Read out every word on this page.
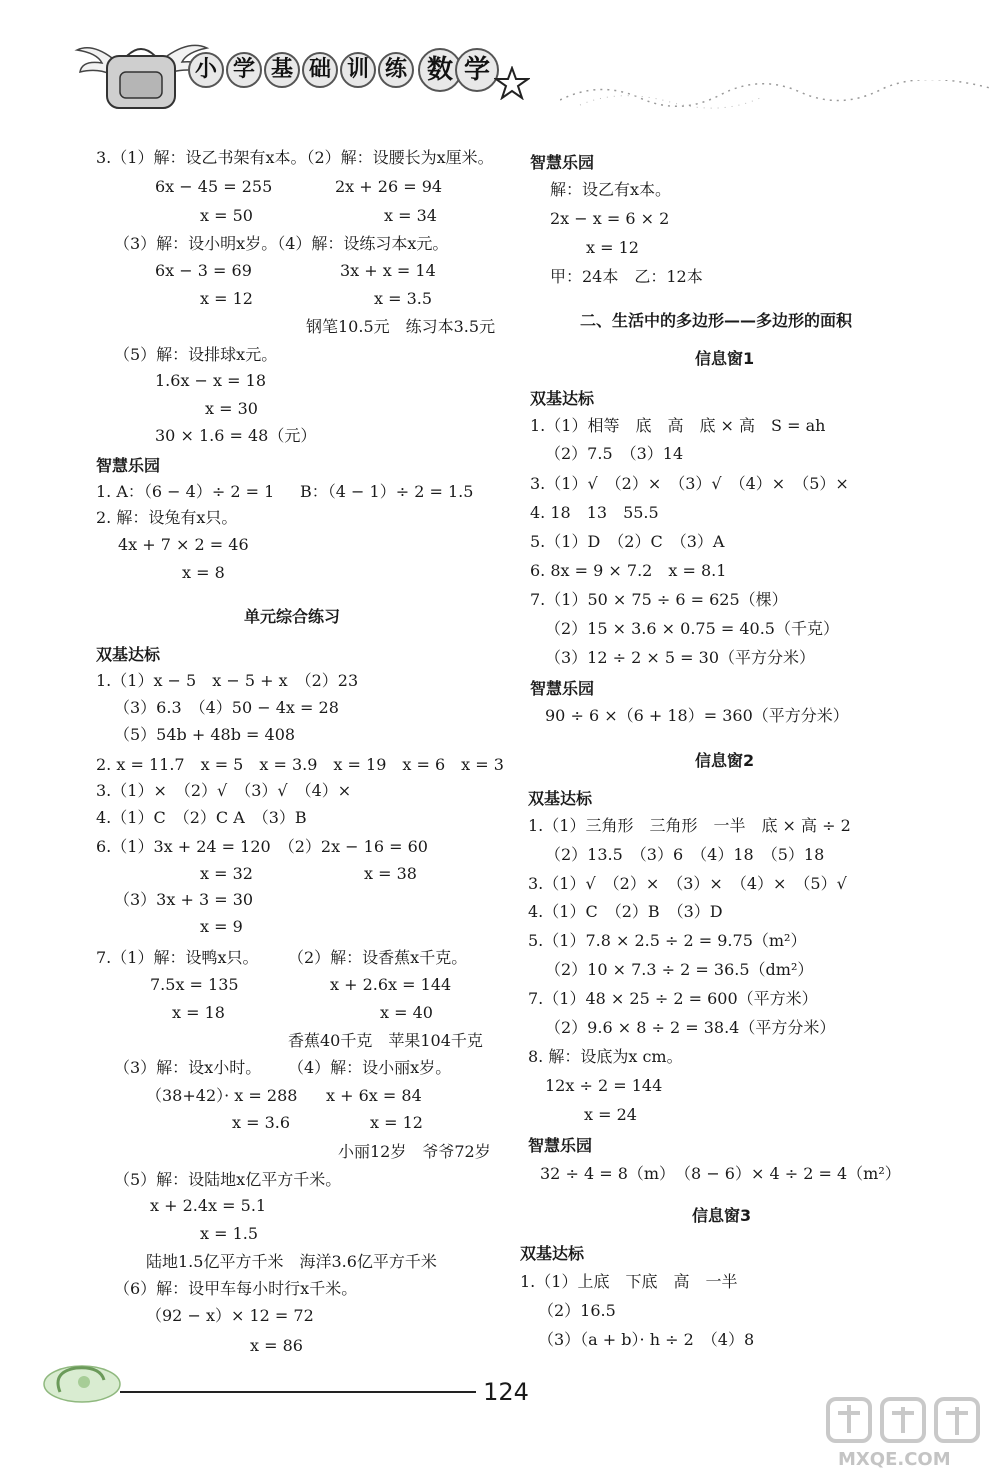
小 学 基 础 训 练 数 学
3.（1）解：设乙书架有x本。（2）解：设腰长为x厘米。
6x − 45 = 255	2x + 26 = 94
x = 50	x = 34
（3）解：设小明x岁。（4）解：设练习本x元。
6x − 3 = 69	3x + x = 14
x = 12	x = 3.5
钢笔10.5元　练习本3.5元
（5）解：设排球x元。
1.6x − x = 18
x = 30
30 × 1.6 = 48（元）
智慧乐园
1. A：（6 − 4）÷ 2 = 1 B：（4 − 1）÷ 2 = 1.5
2. 解：设兔有x只。
4x + 7 × 2 = 46
x = 8
单元综合练习
双基达标
1.（1）x − 5　x − 5 + x　（2）23
（3）6.3　（4）50 − 4x = 28
（5）54b + 48b = 408
2. x = 11.7　x = 5　x = 3.9　x = 19　x = 6　x = 3
3.（1）×　（2）√　（3）√　（4）×
4.（1）C　（2）C A　（3）B
6.（1）3x + 24 = 120　（2）2x − 16 = 60
x = 32	x = 38
（3）3x + 3 = 30
x = 9
7.（1）解：设鸭x只。 （2）解：设香蕉x千克。
7.5x = 135	x + 2.6x = 144
x = 18	x = 40
香蕉40千克　苹果104千克
（3）解：设x小时。 （4）解：设小丽x岁。
（38+42）· x = 288 x + 6x = 84
x = 3.6	x = 12
小丽12岁　爷爷72岁
（5）解：设陆地x亿平方千米。
x + 2.4x = 5.1
x = 1.5
陆地1.5亿平方千米　海洋3.6亿平方千米
（6）解：设甲车每小时行x千米。
（92 − x）× 12 = 72
x = 86
智慧乐园
解：设乙有x本。
2x − x = 6 × 2
x = 12
甲：24本　乙：12本
二、生活中的多边形——多边形的面积
信息窗1
双基达标
1.（1）相等　底　高　底 × 高　S = ah
（2）7.5　（3）14
3.（1）√　（2）×　（3）√　（4）×　（5）×
4. 18　13　55.5
5.（1）D　（2）C　（3）A
6. 8x = 9 × 7.2　x = 8.1
7.（1）50 × 75 ÷ 6 = 625（棵）
（2）15 × 3.6 × 0.75 = 40.5（千克）
（3）12 ÷ 2 × 5 = 30（平方分米）
智慧乐园
90 ÷ 6 ×（6 + 18）= 360（平方分米）
信息窗2
双基达标
1.（1）三角形　三角形　一半　底 × 高 ÷ 2
（2）13.5　（3）6　（4）18　（5）18
3.（1）√　（2）×　（3）×　（4）×　（5）√
4.（1）C　（2）B　（3）D
5.（1）7.8 × 2.5 ÷ 2 = 9.75（m²）
（2）10 × 7.3 ÷ 2 = 36.5（dm²）
7.（1）48 × 25 ÷ 2 = 600（平方米）
（2）9.6 × 8 ÷ 2 = 38.4（平方分米）
8. 解：设底为x cm。
12x ÷ 2 = 144
x = 24
智慧乐园
32 ÷ 4 = 8（m）　（8 − 6）× 4 ÷ 2 = 4（m²）
信息窗3
双基达标
1.（1）上底　下底　高　一半
（2）16.5
（3）（a + b）· h ÷ 2　（4）8
124
MXQE.COM
